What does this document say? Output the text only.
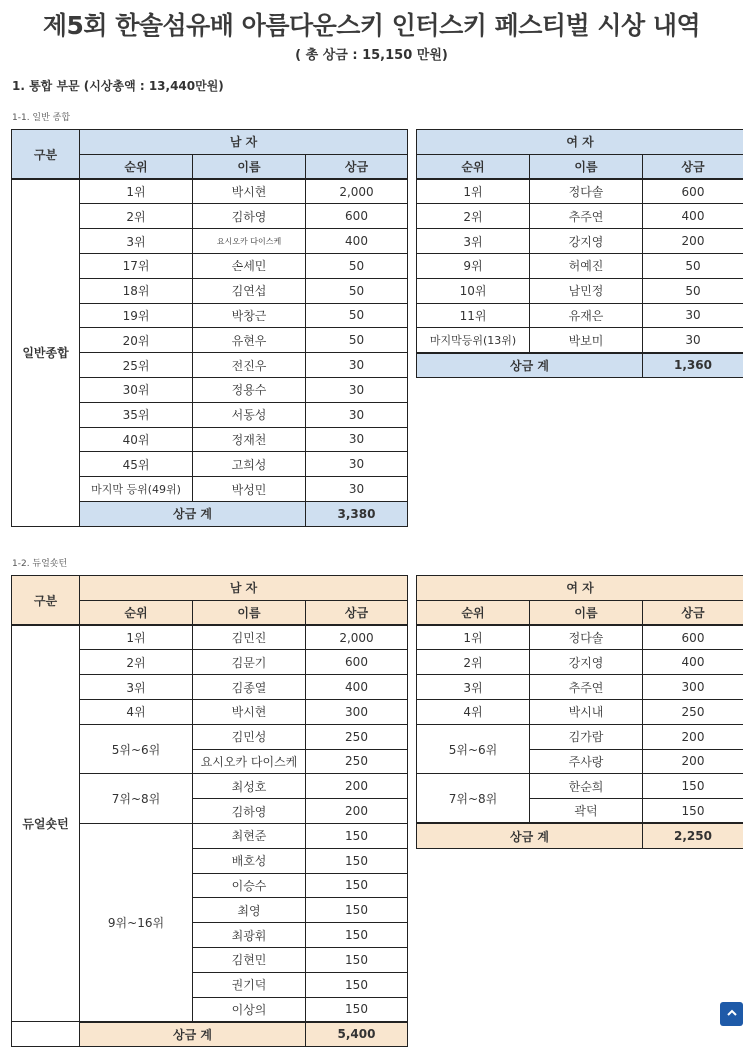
제5회 한솔섬유배 아름다운스키 인터스키 페스티벌 시상 내역
( 총 상금 : 15,150 만원)
1. 통합 부문 (시상총액 : 13,440만원)
1-1. 일반 종합
구분	남 자		
	순위	이름	상금
일반종합	1위	박시현	2,000
	2위	김하영	600
	3위	요시오카 다이스케	400
	17위	손세민	50
	18위	김연섭	50
	19위	박창근	50
	20위	유현우	50
	25위	전진우	30
	30위	정용수	30
	35위	서동성	30
	40위	정재천	30
	45위	고희성	30
	마지막 등위(49위)	박성민	30
	상금 계		3,380
여 자		
순위	이름	상금
1위	정다솔	600
2위	추주연	400
3위	강지영	200
9위	허예진	50
10위	남민정	50
11위	유재은	30
마지막등위(13위)	박보미	30
상금 계		1,360
1-2. 듀얼숏턴
구분	남 자		
	순위	이름	상금
듀얼숏턴	1위	김민진	2,000
	2위	김문기	600
	3위	김종열	400
	4위	박시현	300
	5위~6위	김민성	250
		요시오카 다이스케	250
	7위~8위	최성호	200
		김하영	200
	9위~16위	최현준	150
		배호성	150
		이승수	150
		최영	150
		최광휘	150
		김현민	150
		권기덕	150
		이상의	150
	상금 계		5,400
여 자		
순위	이름	상금
1위	정다솔	600
2위	강지영	400
3위	추주연	300
4위	박시내	250
5위~6위	김가람	200
	주사랑	200
7위~8위	한순희	150
	곽덕	150
상금 계		2,250
